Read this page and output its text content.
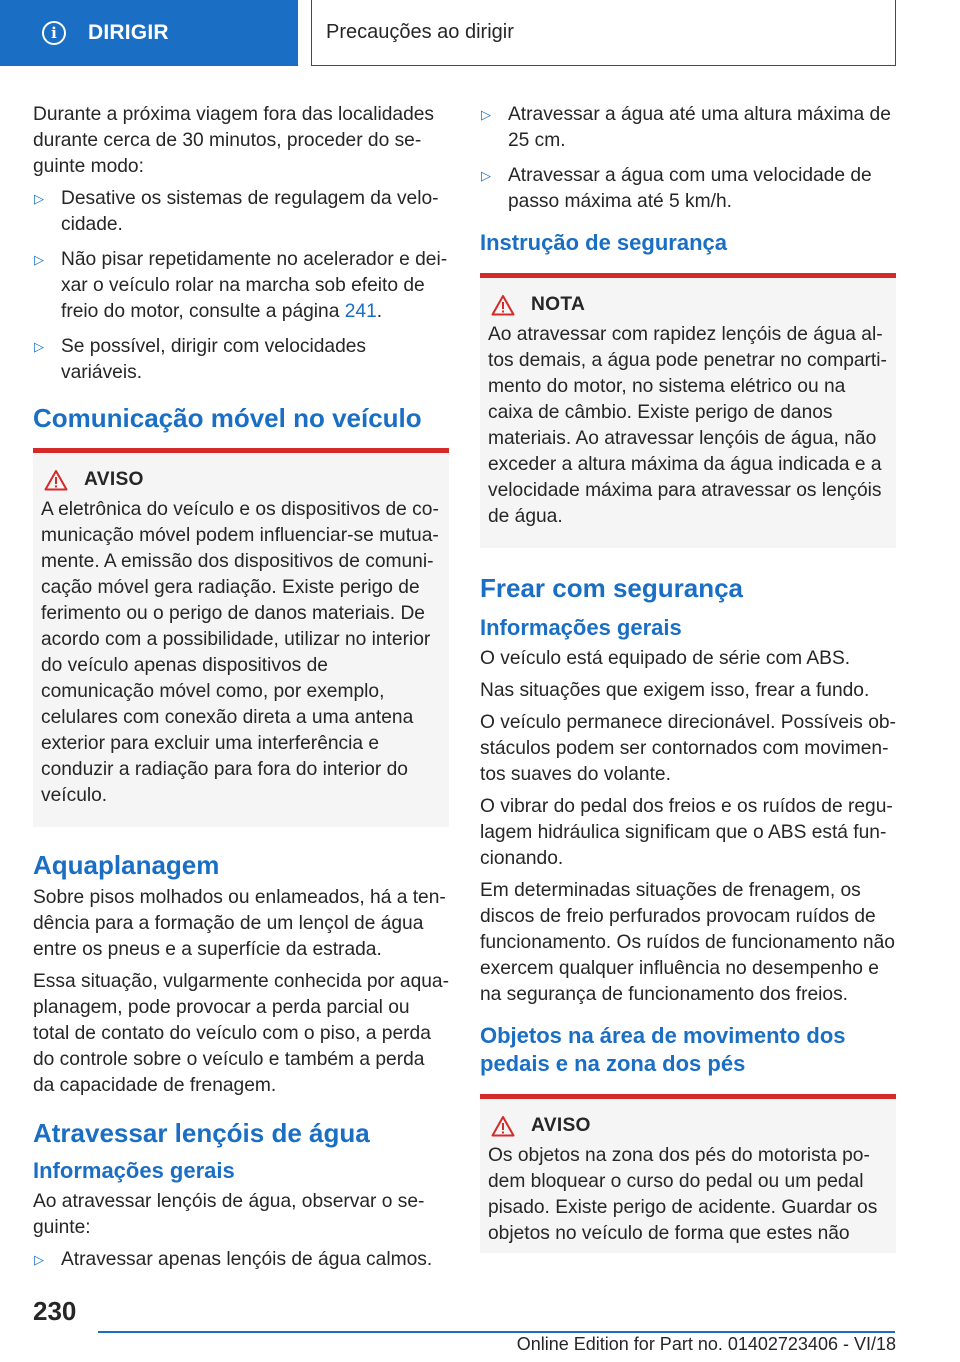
i	DIRIGIR	Precauções ao dirigir

Durante a próxima viagem fora das localidades durante cerca de 30 minutos, proceder do seguinte modo:

▷ Desative os sistemas de regulagem da velocidade.
▷ Não pisar repetidamente no acelerador e deixar o veículo rolar na marcha sob efeito de freio do motor, consulte a página 241.
▷ Se possível, dirigir com velocidades variáveis.
Comunicação móvel no veículo
AVISO

A eletrônica do veículo e os dispositivos de comunicação móvel podem influenciar-se mutuamente. A emissão dos dispositivos de comunicação móvel gera radiação. Existe perigo de ferimento ou o perigo de danos materiais. De acordo com a possibilidade, utilizar no interior do veículo apenas dispositivos de comunicação móvel como, por exemplo, celulares com conexão direta a uma antena exterior para excluir uma interferência e conduzir a radiação para fora do interior do veículo.

Aquaplanagem

Sobre pisos molhados ou enlameados, há a tendência para a formação de um lençol de água entre os pneus e a superfície da estrada.

Essa situação, vulgarmente conhecida por aquaplanagem, pode provocar a perda parcial ou total de contato do veículo com o piso, a perda do controle sobre o veículo e também a perda da capacidade de frenagem.

Atravessar lençóis de água
Informações gerais

Ao atravessar lençóis de água, observar o seguinte:

▷ Atravessar apenas lençóis de água calmos.
▷ Atravessar a água até uma altura máxima de 25 cm.
▷ Atravessar a água com uma velocidade de passo máxima até 5 km/h.
Instrução de segurança
NOTA

Ao atravessar com rapidez lençóis de água altos demais, a água pode penetrar no compartimento do motor, no sistema elétrico ou na caixa de câmbio. Existe perigo de danos materiais. Ao atravessar lençóis de água, não exceder a altura máxima da água indicada e a velocidade máxima para atravessar os lençóis de água.

Frear com segurança
Informações gerais

O veículo está equipado de série com ABS.

Nas situações que exigem isso, frear a fundo.

O veículo permanece direcionável. Possíveis obstáculos podem ser contornados com movimentos suaves do volante.

O vibrar do pedal dos freios e os ruídos de regulagem hidráulica significam que o ABS está funcionando.

Em determinadas situações de frenagem, os discos de freio perfurados provocam ruídos de funcionamento. Os ruídos de funcionamento não exercem qualquer influência no desempenho e na segurança de funcionamento dos freios.

Objetos na área de movimento dos pedais e na zona dos pés
AVISO

Os objetos na zona dos pés do motorista podem bloquear o curso do pedal ou um pedal pisado. Existe perigo de acidente. Guardar os objetos no veículo de forma que estes não

230
Online Edition for Part no. 01402723406 - VI/18
